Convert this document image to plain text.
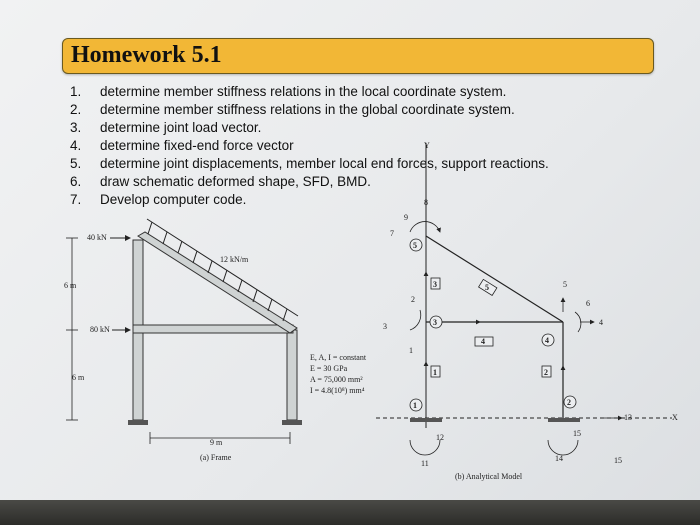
Homework 5.1
1. determine member stiffness relations in the local coordinate system.
2. determine member stiffness relations in the global coordinate system.
3. determine joint load vector.
4. determine fixed-end force vector
5. determine joint displacements, member local end forces, support reactions.
6. draw schematic deformed shape, SFD, BMD.
7. Develop computer code.
12 kN/m
40 kN
80 kN
6 m
6 m
9 m
(a) Frame
E, A, I = constant
E = 30 GPa
A = 75,000 mm²
I = 4.8(10⁸) mm⁴
Y
X
1	2
3
4
5
1	2
3
4
5
1
2
3	4
5
6
7
8
9
11
12
13
14
15
15
(b) Analytical Model
